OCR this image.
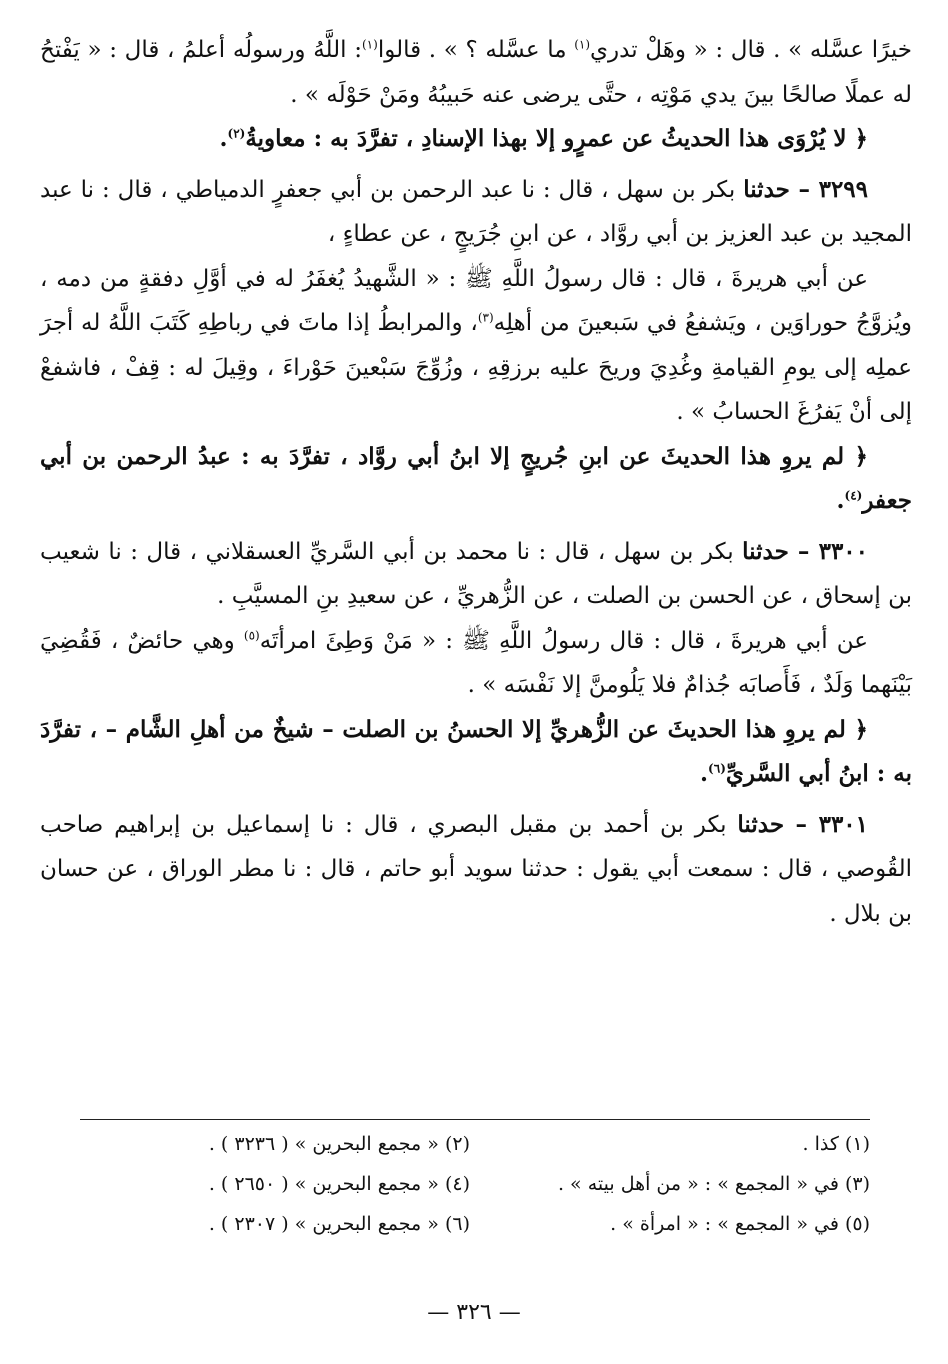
خيرًا عسَّله » . قال : « وهَلْ تدري$^{(١)}$ ما عسَّله ؟ » . قالوا$^{(١)}$: اللَّهُ ورسولُه أعلمُ ، قال : « يَفْتحُ له عملًا صالحًا بينَ يدي مَوْتِه ، حتَّى يرضى عنه حَبيبُهُ ومَنْ حَوْلَه » .

﴿ لا يُرْوَى هذا الحديثُ عن عمرٍو إلا بهذا الإسنادِ ، تفرَّدَ به : معاويةُ$^{(٢)}$.

٣٢٩٩ – حدثنا بكر بن سهل ، قال : نا عبد الرحمن بن أبي جعفرٍ الدمياطي ، قال : نا عبد المجيد بن عبد العزيز بن أبي روَّاد ، عن ابنِ جُرَيجٍ ، عن عطاءٍ ،

عن أبي هريرةَ ، قال : قال رسولُ اللَّهِ ﷺ : « الشَّهيدُ يُغفَرُ له في أوَّلِ دفقةٍ من دمه ، ويُزوَّجُ حوراوَين ، ويَشفعُ في سَبعينَ من أهلِه$^{(٣)}$، والمرابطُ إذا ماتَ في رباطِهِ كَتَبَ اللَّهُ له أجرَ عملِه إلى يومِ القيامةِ وغُدِيَ وريحَ عليه برزقِهِ ، وزُوِّجَ سَبْعينَ حَوْراءَ ، وقِيلَ له : قِفْ ، فاشفعْ إلى أنْ يَفرُغَ الحسابُ » .

﴿ لم يروِ هذا الحديثَ عن ابنِ جُريجٍ إلا ابنُ أبي روَّاد ، تفرَّدَ به : عبدُ الرحمن بن أبي جعفر$^{(٤)}$.

٣٣٠٠ – حدثنا بكر بن سهل ، قال : نا محمد بن أبي السَّريِّ العسقلاني ، قال : نا شعيب بن إسحاق ، عن الحسن بن الصلت ، عن الزُّهريِّ ، عن سعيدِ بنِ المسيَّبِ .

عن أبي هريرةَ ، قال : قال رسولُ اللَّهِ ﷺ : « مَنْ وَطِئَ امرأتَه$^{(٥)}$ وهي حائضٌ ، فَقُضِيَ بَيْنَهما وَلَدٌ ، فَأَصابَه جُذامٌ فلا يَلُومنَّ إلا نَفْسَه » .

﴿ لم يروِ هذا الحديثَ عن الزُّهريِّ إلا الحسنُ بن الصلت – شيخٌ من أهلِ الشَّام – ، تفرَّدَ به : ابنُ أبي السَّريِّ$^{(٦)}$.

٣٣٠١ – حدثنا بكر بن أحمد بن مقبل البصري ، قال : نا إسماعيل بن إبراهيم صاحب القُوصي ، قال : سمعت أبي يقول : حدثنا سويد أبو حاتم ، قال : نا مطر الوراق ، عن حسان بن بلال .

(١) كذا .
(٢) « مجمع البحرين » ( ٣٢٣٦ ) .
(٣) في « المجمع » : « من أهل بيته » .
(٤) « مجمع البحرين » ( ٢٦٥٠ ) .
(٥) في « المجمع » : « امرأة » .
(٦) « مجمع البحرين » ( ٢٣٠٧ ) .
— ٣٢٦ —
